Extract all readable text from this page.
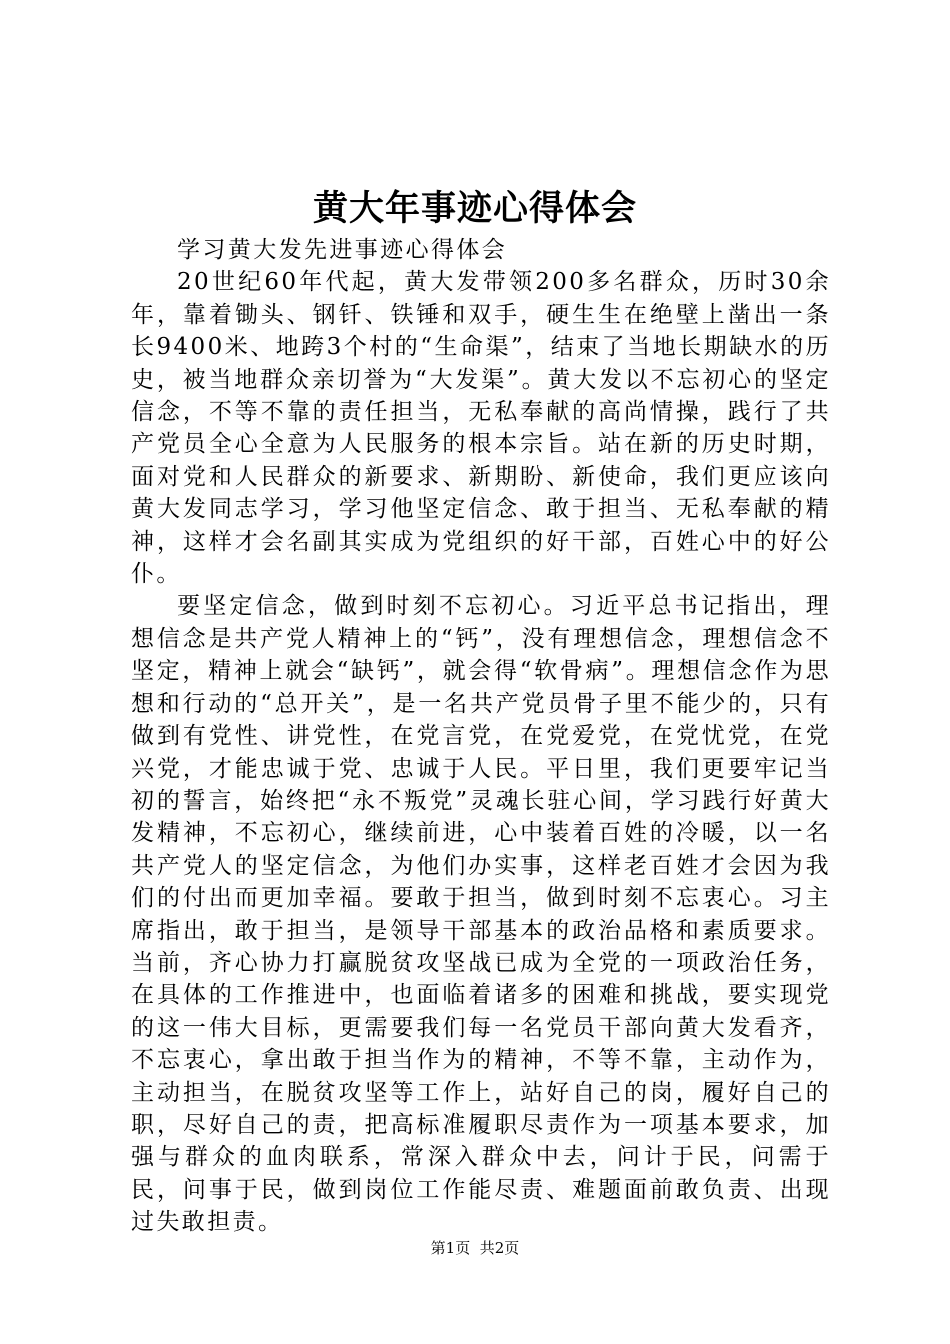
黄大年事迹心得体会

学习黄大发先进事迹心得体会

20世纪60年代起，黄大发带领200多名群众，历时30余年，靠着锄头、钢钎、铁锤和双手，硬生生在绝壁上凿出一条长9400米、地跨3个村的“生命渠”，结束了当地长期缺水的历史，被当地群众亲切誉为“大发渠”。黄大发以不忘初心的坚定信念，不等不靠的责任担当，无私奉献的高尚情操，践行了共产党员全心全意为人民服务的根本宗旨。站在新的历史时期，面对党和人民群众的新要求、新期盼、新使命，我们更应该向黄大发同志学习，学习他坚定信念、敢于担当、无私奉献的精神，这样才会名副其实成为党组织的好干部，百姓心中的好公仆。

要坚定信念，做到时刻不忘初心。习近平总书记指出，理想信念是共产党人精神上的“钙”，没有理想信念，理想信念不坚定，精神上就会“缺钙”，就会得“软骨病”。理想信念作为思想和行动的“总开关”，是一名共产党员骨子里不能少的，只有做到有党性、讲党性，在党言党，在党爱党，在党忧党，在党兴党，才能忠诚于党、忠诚于人民。平日里，我们更要牢记当初的誓言，始终把“永不叛党”灵魂长驻心间，学习践行好黄大发精神，不忘初心，继续前进，心中装着百姓的冷暖，以一名共产党人的坚定信念，为他们办实事，这样老百姓才会因为我们的付出而更加幸福。要敢于担当，做到时刻不忘衷心。习主席指出，敢于担当，是领导干部基本的政治品格和素质要求。当前，齐心协力打赢脱贫攻坚战已成为全党的一项政治任务，在具体的工作推进中，也面临着诸多的困难和挑战，要实现党的这一伟大目标，更需要我们每一名党员干部向黄大发看齐，不忘衷心，拿出敢于担当作为的精神，不等不靠，主动作为，主动担当，在脱贫攻坚等工作上，站好自己的岗，履好自己的职，尽好自己的责，把高标准履职尽责作为一项基本要求，加强与群众的血肉联系，常深入群众中去，问计于民，问需于民，问事于民，做到岗位工作能尽责、难题面前敢负责、出现过失敢担责。

第1页 共2页
